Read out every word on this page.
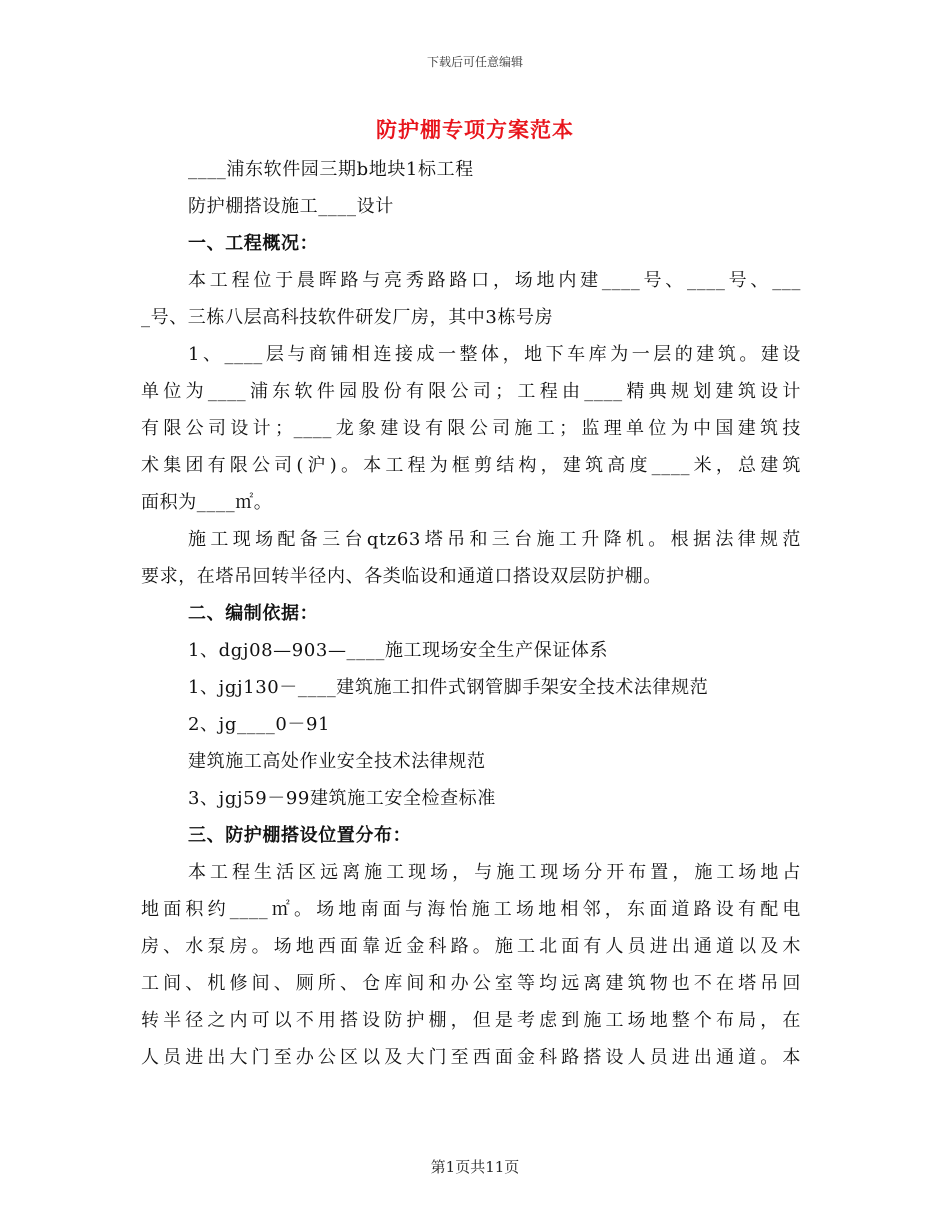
下载后可任意编辑
防护棚专项方案范本
____浦东软件园三期b地块1标工程
防护棚搭设施工____设计
一、工程概况：
本工程位于晨晖路与亮秀路路口，场地内建____号、____号、___
_号、三栋八层高科技软件研发厂房，其中3栋号房
1、____层与商铺相连接成一整体，地下车库为一层的建筑。建设
单位为____浦东软件园股份有限公司；工程由____精典规划建筑设计
有限公司设计；____龙象建设有限公司施工；监理单位为中国建筑技
术集团有限公司(沪)。本工程为框剪结构，建筑高度____米，总建筑
面积为____㎡。
施工现场配备三台qtz63塔吊和三台施工升降机。根据法律规范
要求，在塔吊回转半径内、各类临设和通道口搭设双层防护棚。
二、编制依据：
1、dgj08—903—____施工现场安全生产保证体系
1、jgj130－____建筑施工扣件式钢管脚手架安全技术法律规范
2、jg____0－91
建筑施工高处作业安全技术法律规范
3、jgj59－99建筑施工安全检查标准
三、防护棚搭设位置分布：
本工程生活区远离施工现场，与施工现场分开布置，施工场地占
地面积约____㎡。场地南面与海怡施工场地相邻，东面道路设有配电
房、水泵房。场地西面靠近金科路。施工北面有人员进出通道以及木
工间、机修间、厕所、仓库间和办公室等均远离建筑物也不在塔吊回
转半径之内可以不用搭设防护棚，但是考虑到施工场地整个布局，在
人员进出大门至办公区以及大门至西面金科路搭设人员进出通道。本
第1页共11页
